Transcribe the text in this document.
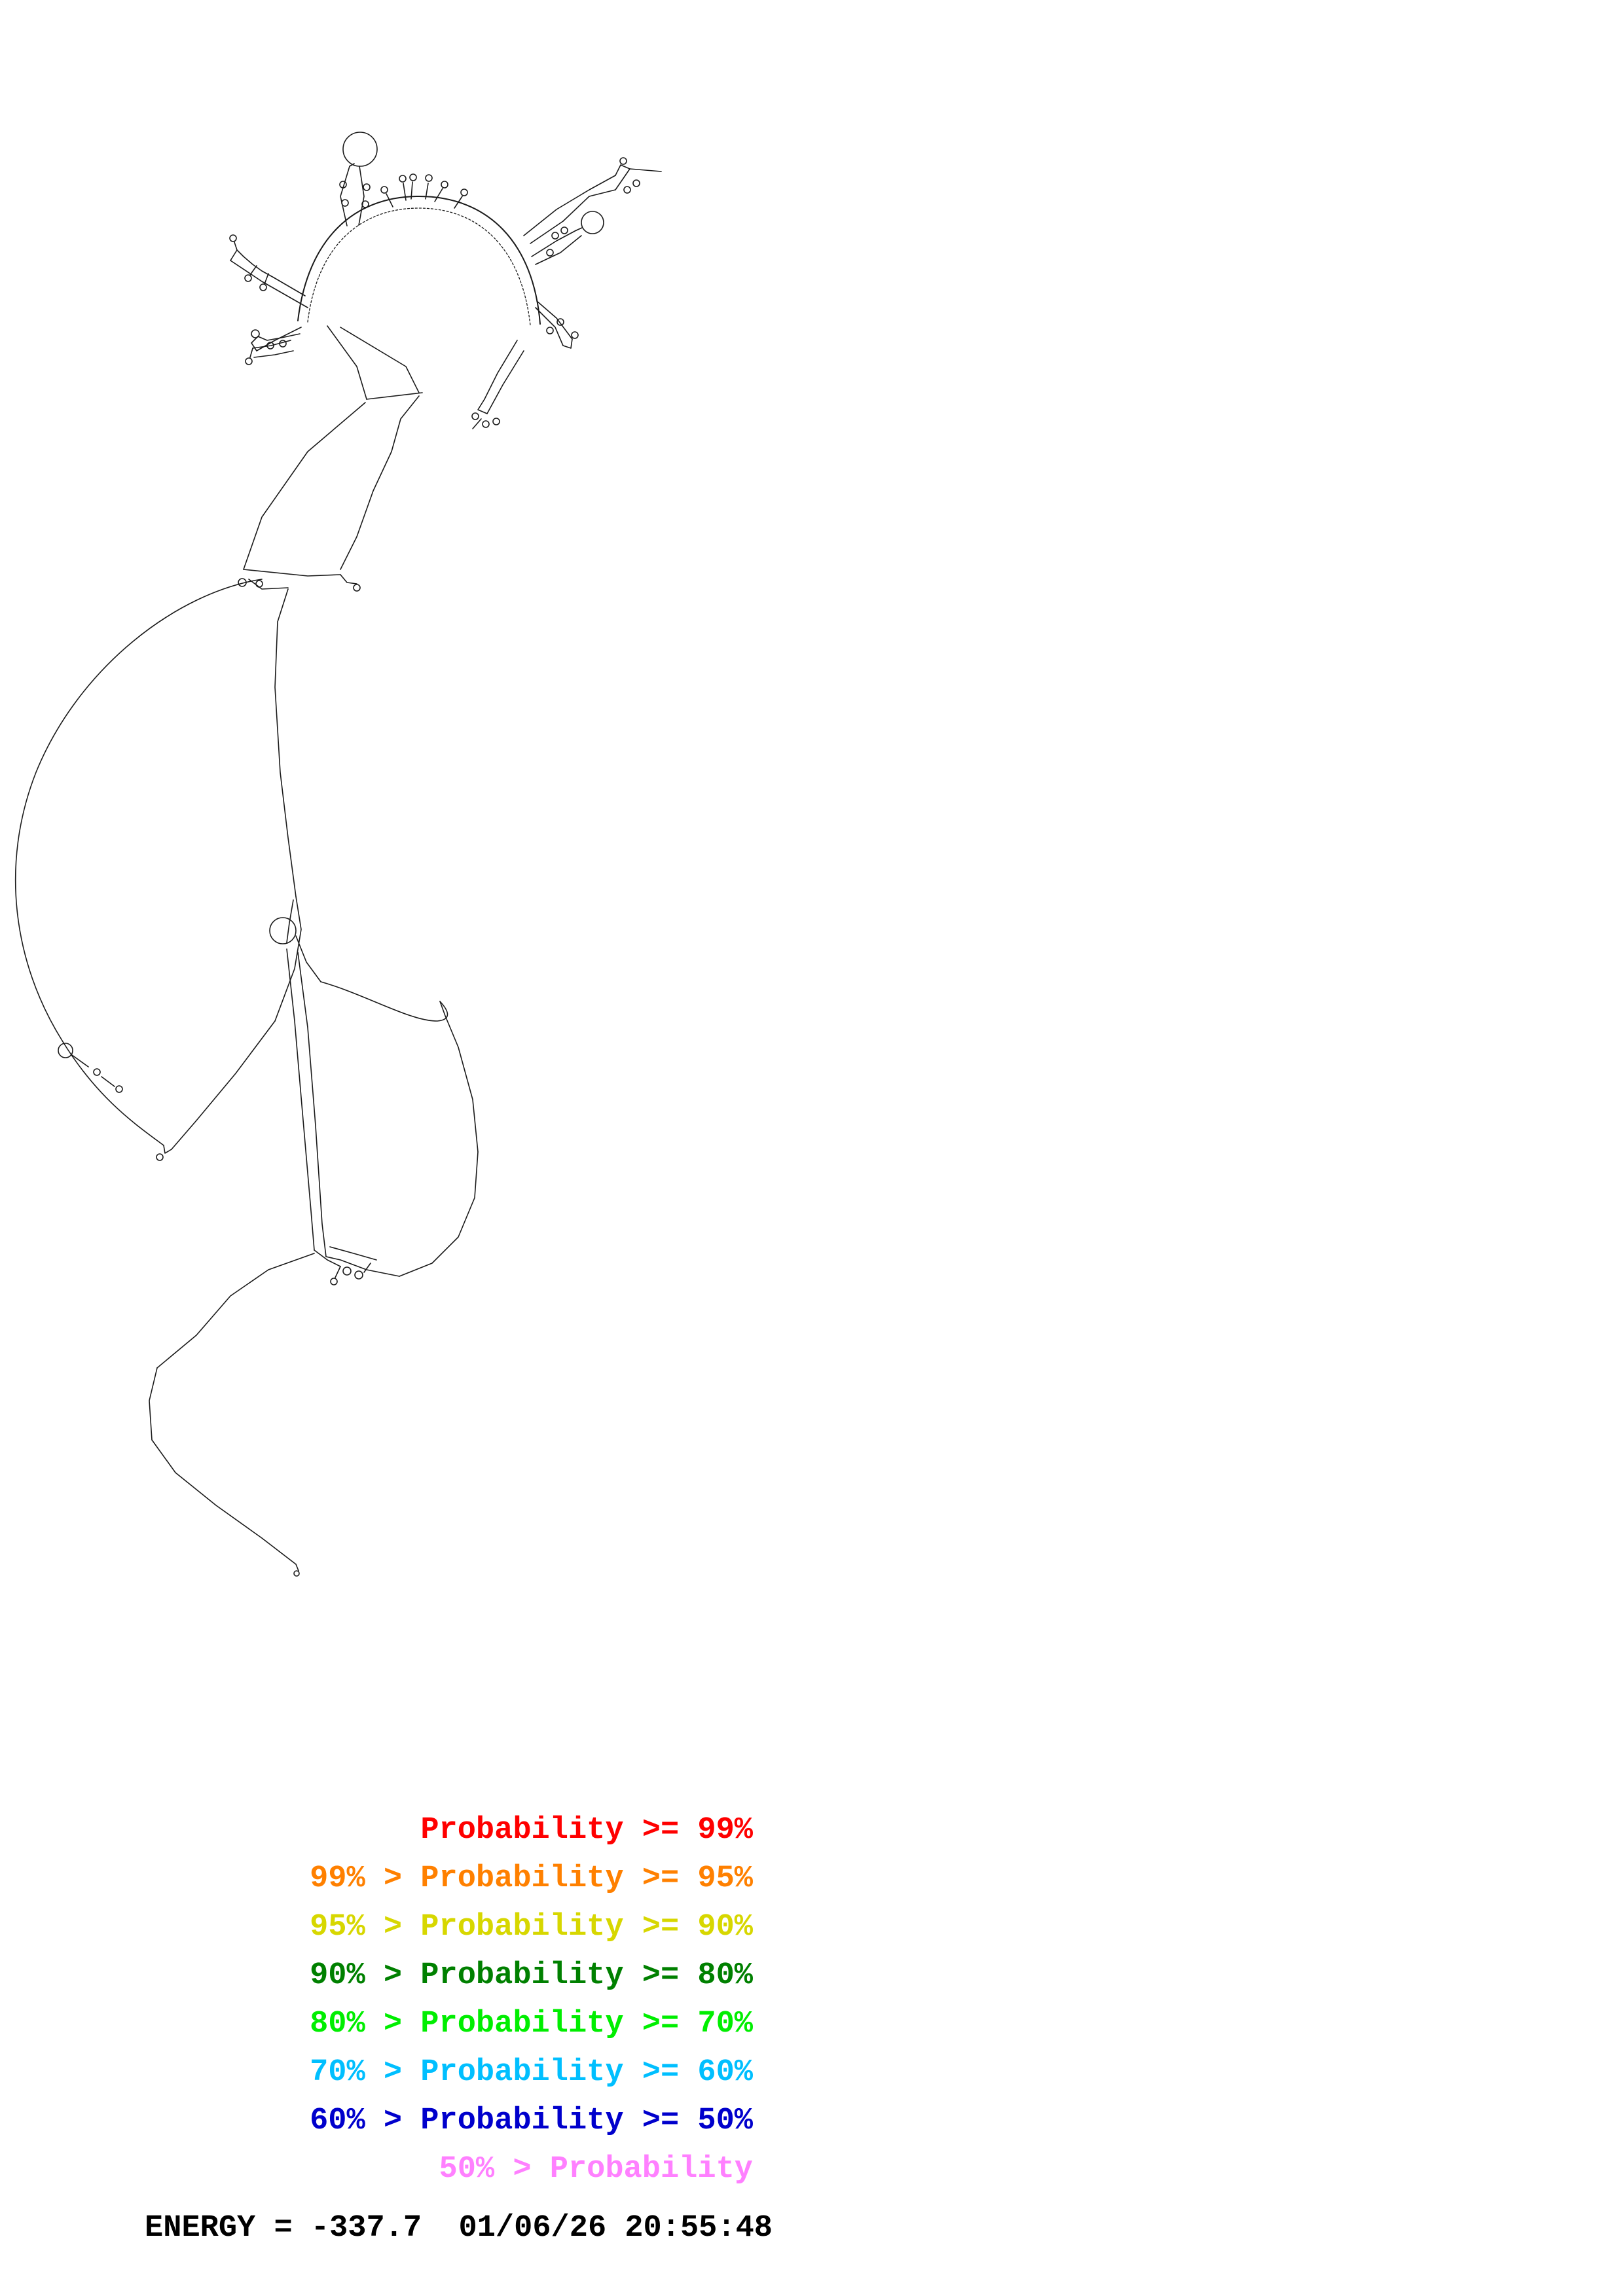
Probability >= 99%
99% > Probability >= 95%
95% > Probability >= 90%
90% > Probability >= 80%
80% > Probability >= 70%
70% > Probability >= 60%
60% > Probability >= 50%
50% > Probability
ENERGY = -337.7  01/06/26 20:55:48
